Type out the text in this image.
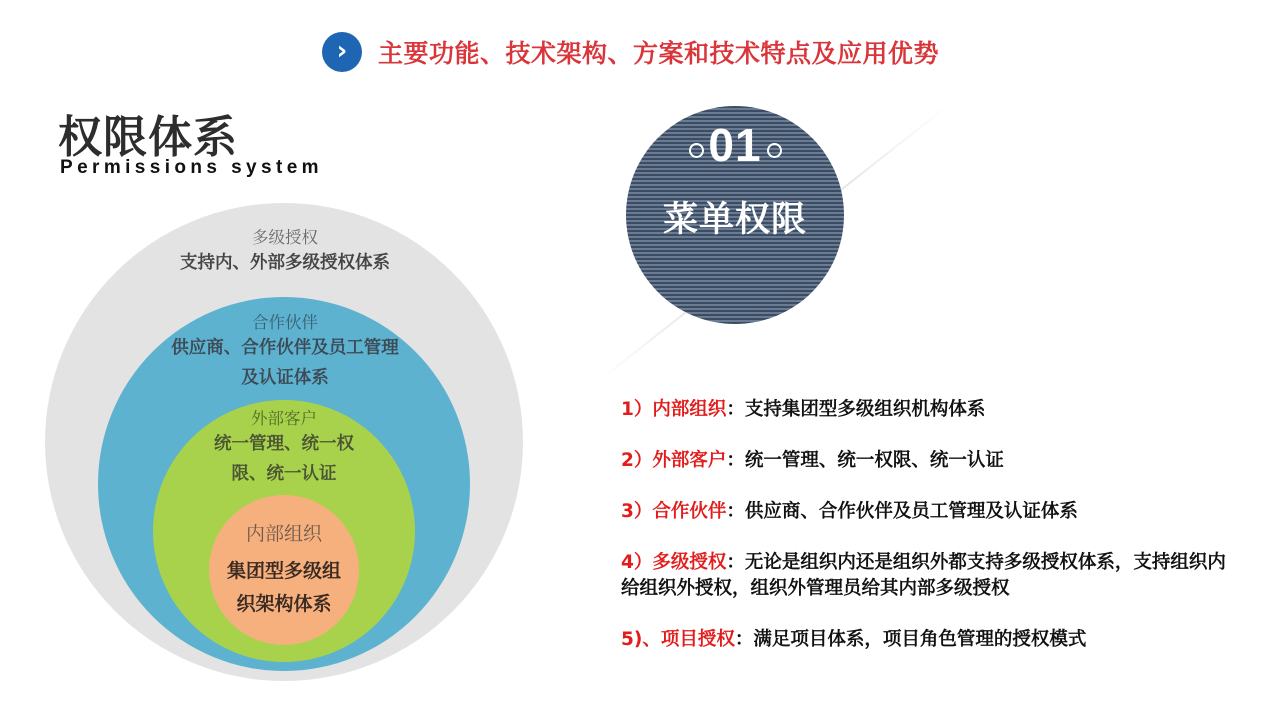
›	主要功能、技术架构、方案和技术特点及应用优势
权限体系
Permissions system
多级授权
支持内、外部多级授权体系
合作伙伴
供应商、合作伙伴及员工管理
及认证体系
外部客户
统一管理、统一权
限、统一认证
内部组织
集团型多级组
织架构体系
01
菜单权限
1）内部组织：支持集团型多级组织机构体系
2）外部客户：统一管理、统一权限、统一认证
3）合作伙伴：供应商、合作伙伴及员工管理及认证体系
4）多级授权：无论是组织内还是组织外都支持多级授权体系，支持组织内给组织外授权，组织外管理员给其内部多级授权
5)、项目授权：满足项目体系，项目角色管理的授权模式
